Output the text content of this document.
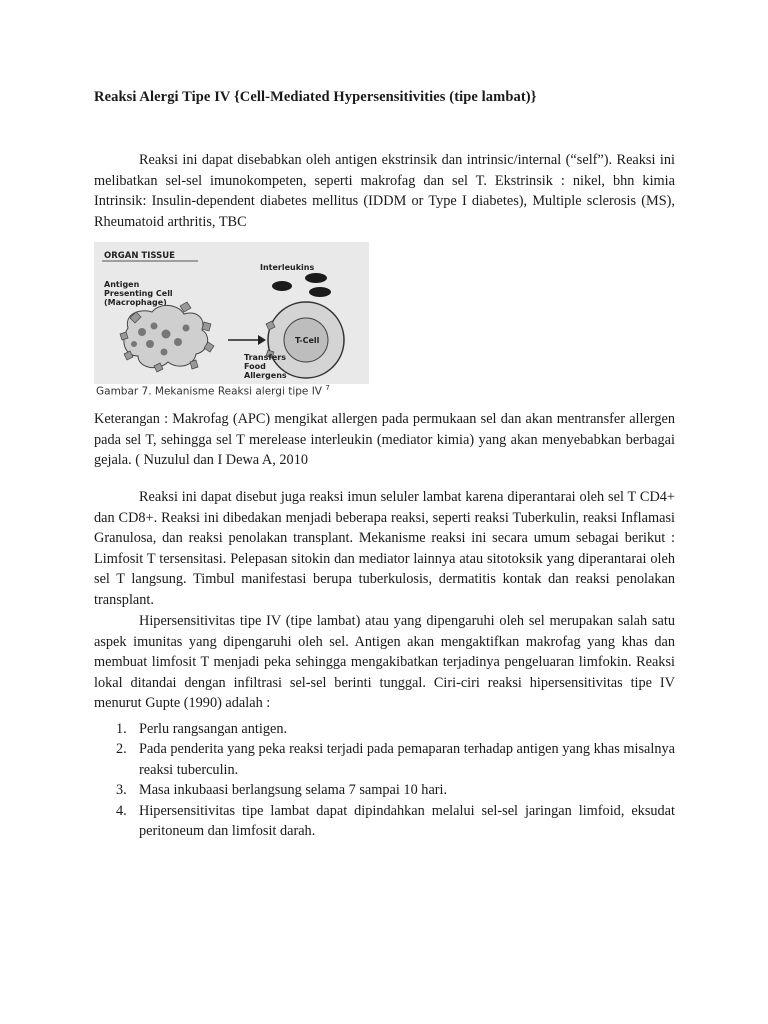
Reaksi Alergi Tipe IV {Cell-Mediated Hypersensitivities (tipe lambat)}
Reaksi ini dapat disebabkan oleh antigen ekstrinsik dan intrinsic/internal (“self”). Reaksi ini melibatkan sel-sel imunokompeten, seperti makrofag dan sel T. Ekstrinsik : nikel, bhn kimia Intrinsik: Insulin-dependent diabetes mellitus (IDDM or Type I diabetes), Multiple sclerosis (MS), Rheumatoid arthritis, TBC
ORGAN TISSUE
Interleukins
Antigen
Presenting Cell
(Macrophage)
T-Cell
Transfers
Food
Allergens
Gambar 7. Mekanisme Reaksi alergi tipe IV $^7$
Keterangan : Makrofag (APC) mengikat allergen pada permukaan sel dan akan mentransfer allergen pada sel T, sehingga sel T merelease interleukin (mediator kimia) yang akan menyebabkan berbagai gejala. ( Nuzulul dan I Dewa A, 2010
Reaksi ini dapat disebut juga reaksi imun seluler lambat karena diperantarai oleh sel T CD4+ dan CD8+. Reaksi ini dibedakan menjadi beberapa reaksi, seperti reaksi Tuberkulin, reaksi Inflamasi Granulosa, dan reaksi penolakan transplant. Mekanisme reaksi ini secara umum sebagai berikut : Limfosit T tersensitasi. Pelepasan sitokin dan mediator lainnya atau sitotoksik yang diperantarai oleh sel T langsung. Timbul manifestasi berupa tuberkulosis, dermatitis kontak dan reaksi penolakan transplant.
Hipersensitivitas tipe IV (tipe lambat) atau yang dipengaruhi oleh sel merupakan salah satu aspek imunitas yang dipengaruhi oleh sel. Antigen akan mengaktifkan makrofag yang khas dan membuat limfosit T menjadi peka sehingga mengakibatkan terjadinya pengeluaran limfokin. Reaksi lokal ditandai dengan infiltrasi sel-sel berinti tunggal. Ciri-ciri reaksi hipersensitivitas tipe IV menurut Gupte (1990) adalah :
1. Perlu rangsangan antigen.
2. Pada penderita yang peka reaksi terjadi pada pemaparan terhadap antigen yang khas misalnya reaksi tuberculin.
3. Masa inkubaasi berlangsung selama 7 sampai 10 hari.
4. Hipersensitivitas tipe lambat dapat dipindahkan melalui sel-sel jaringan limfoid, eksudat peritoneum dan limfosit darah.
